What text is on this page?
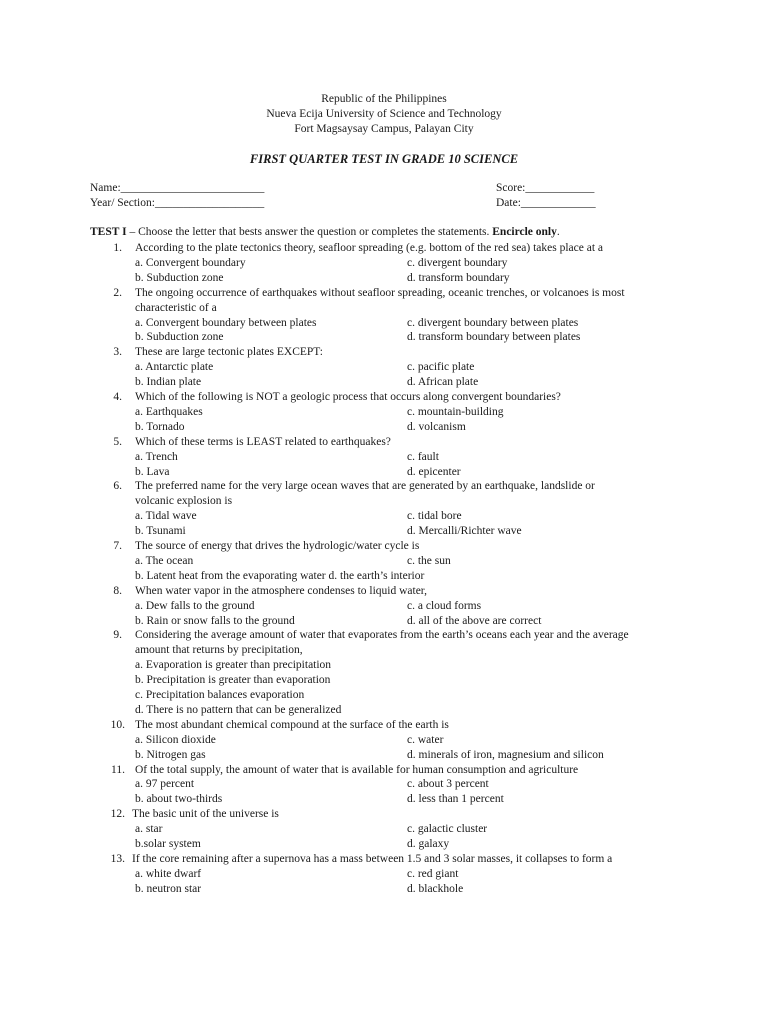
Republic of the Philippines
Nueva Ecija University of Science and Technology
Fort Magsaysay Campus, Palayan City
FIRST QUARTER TEST IN GRADE 10 SCIENCE
Name:_________________________
Year/ Section:___________________
Score:____________
Date:_____________
TEST I – Choose the letter that bests answer the question or completes the statements. Encircle only.
1. According to the plate tectonics theory, seafloor spreading (e.g. bottom of the red sea) takes place at a
a. Convergent boundary	c. divergent boundary
b. Subduction zone	d. transform boundary
2. The ongoing occurrence of earthquakes without seafloor spreading, oceanic trenches, or volcanoes is most
characteristic of a
a. Convergent boundary between plates	c. divergent boundary between plates
b. Subduction zone	d. transform boundary between plates
3. These are large tectonic plates EXCEPT:
a. Antarctic plate	c. pacific plate
b. Indian plate	d. African plate
4. Which of the following is NOT a geologic process that occurs along convergent boundaries?
a. Earthquakes	c. mountain-building
b. Tornado	d. volcanism
5. Which of these terms is LEAST related to earthquakes?
a. Trench	c. fault
b. Lava	d. epicenter
6. The preferred name for the very large ocean waves that are generated by an earthquake, landslide or
volcanic explosion is
a. Tidal wave	c. tidal bore
b. Tsunami	d. Mercalli/Richter wave
7. The source of energy that drives the hydrologic/water cycle is
a. The ocean	c. the sun
b. Latent heat from the evaporating water d. the earth’s interior
8. When water vapor in the atmosphere condenses to liquid water,
a. Dew falls to the ground	c. a cloud forms
b. Rain or snow falls to the ground	d. all of the above are correct
9. Considering the average amount of water that evaporates from the earth’s oceans each year and the average
amount that returns by precipitation,
a. Evaporation is greater than precipitation
b. Precipitation is greater than evaporation
c. Precipitation balances evaporation
d. There is no pattern that can be generalized
10. The most abundant chemical compound at the surface of the earth is
a. Silicon dioxide	c. water
b. Nitrogen gas	d. minerals of iron, magnesium and silicon
11. Of the total supply, the amount of water that is available for human consumption and agriculture
a. 97 percent	c. about 3 percent
b. about two-thirds	d. less than 1 percent
12. The basic unit of the universe is
a. star	c. galactic cluster
b.solar system	d. galaxy
13. If the core remaining after a supernova has a mass between 1.5 and 3 solar masses, it collapses to form a
a. white dwarf	c. red giant
b. neutron star	d. blackhole
